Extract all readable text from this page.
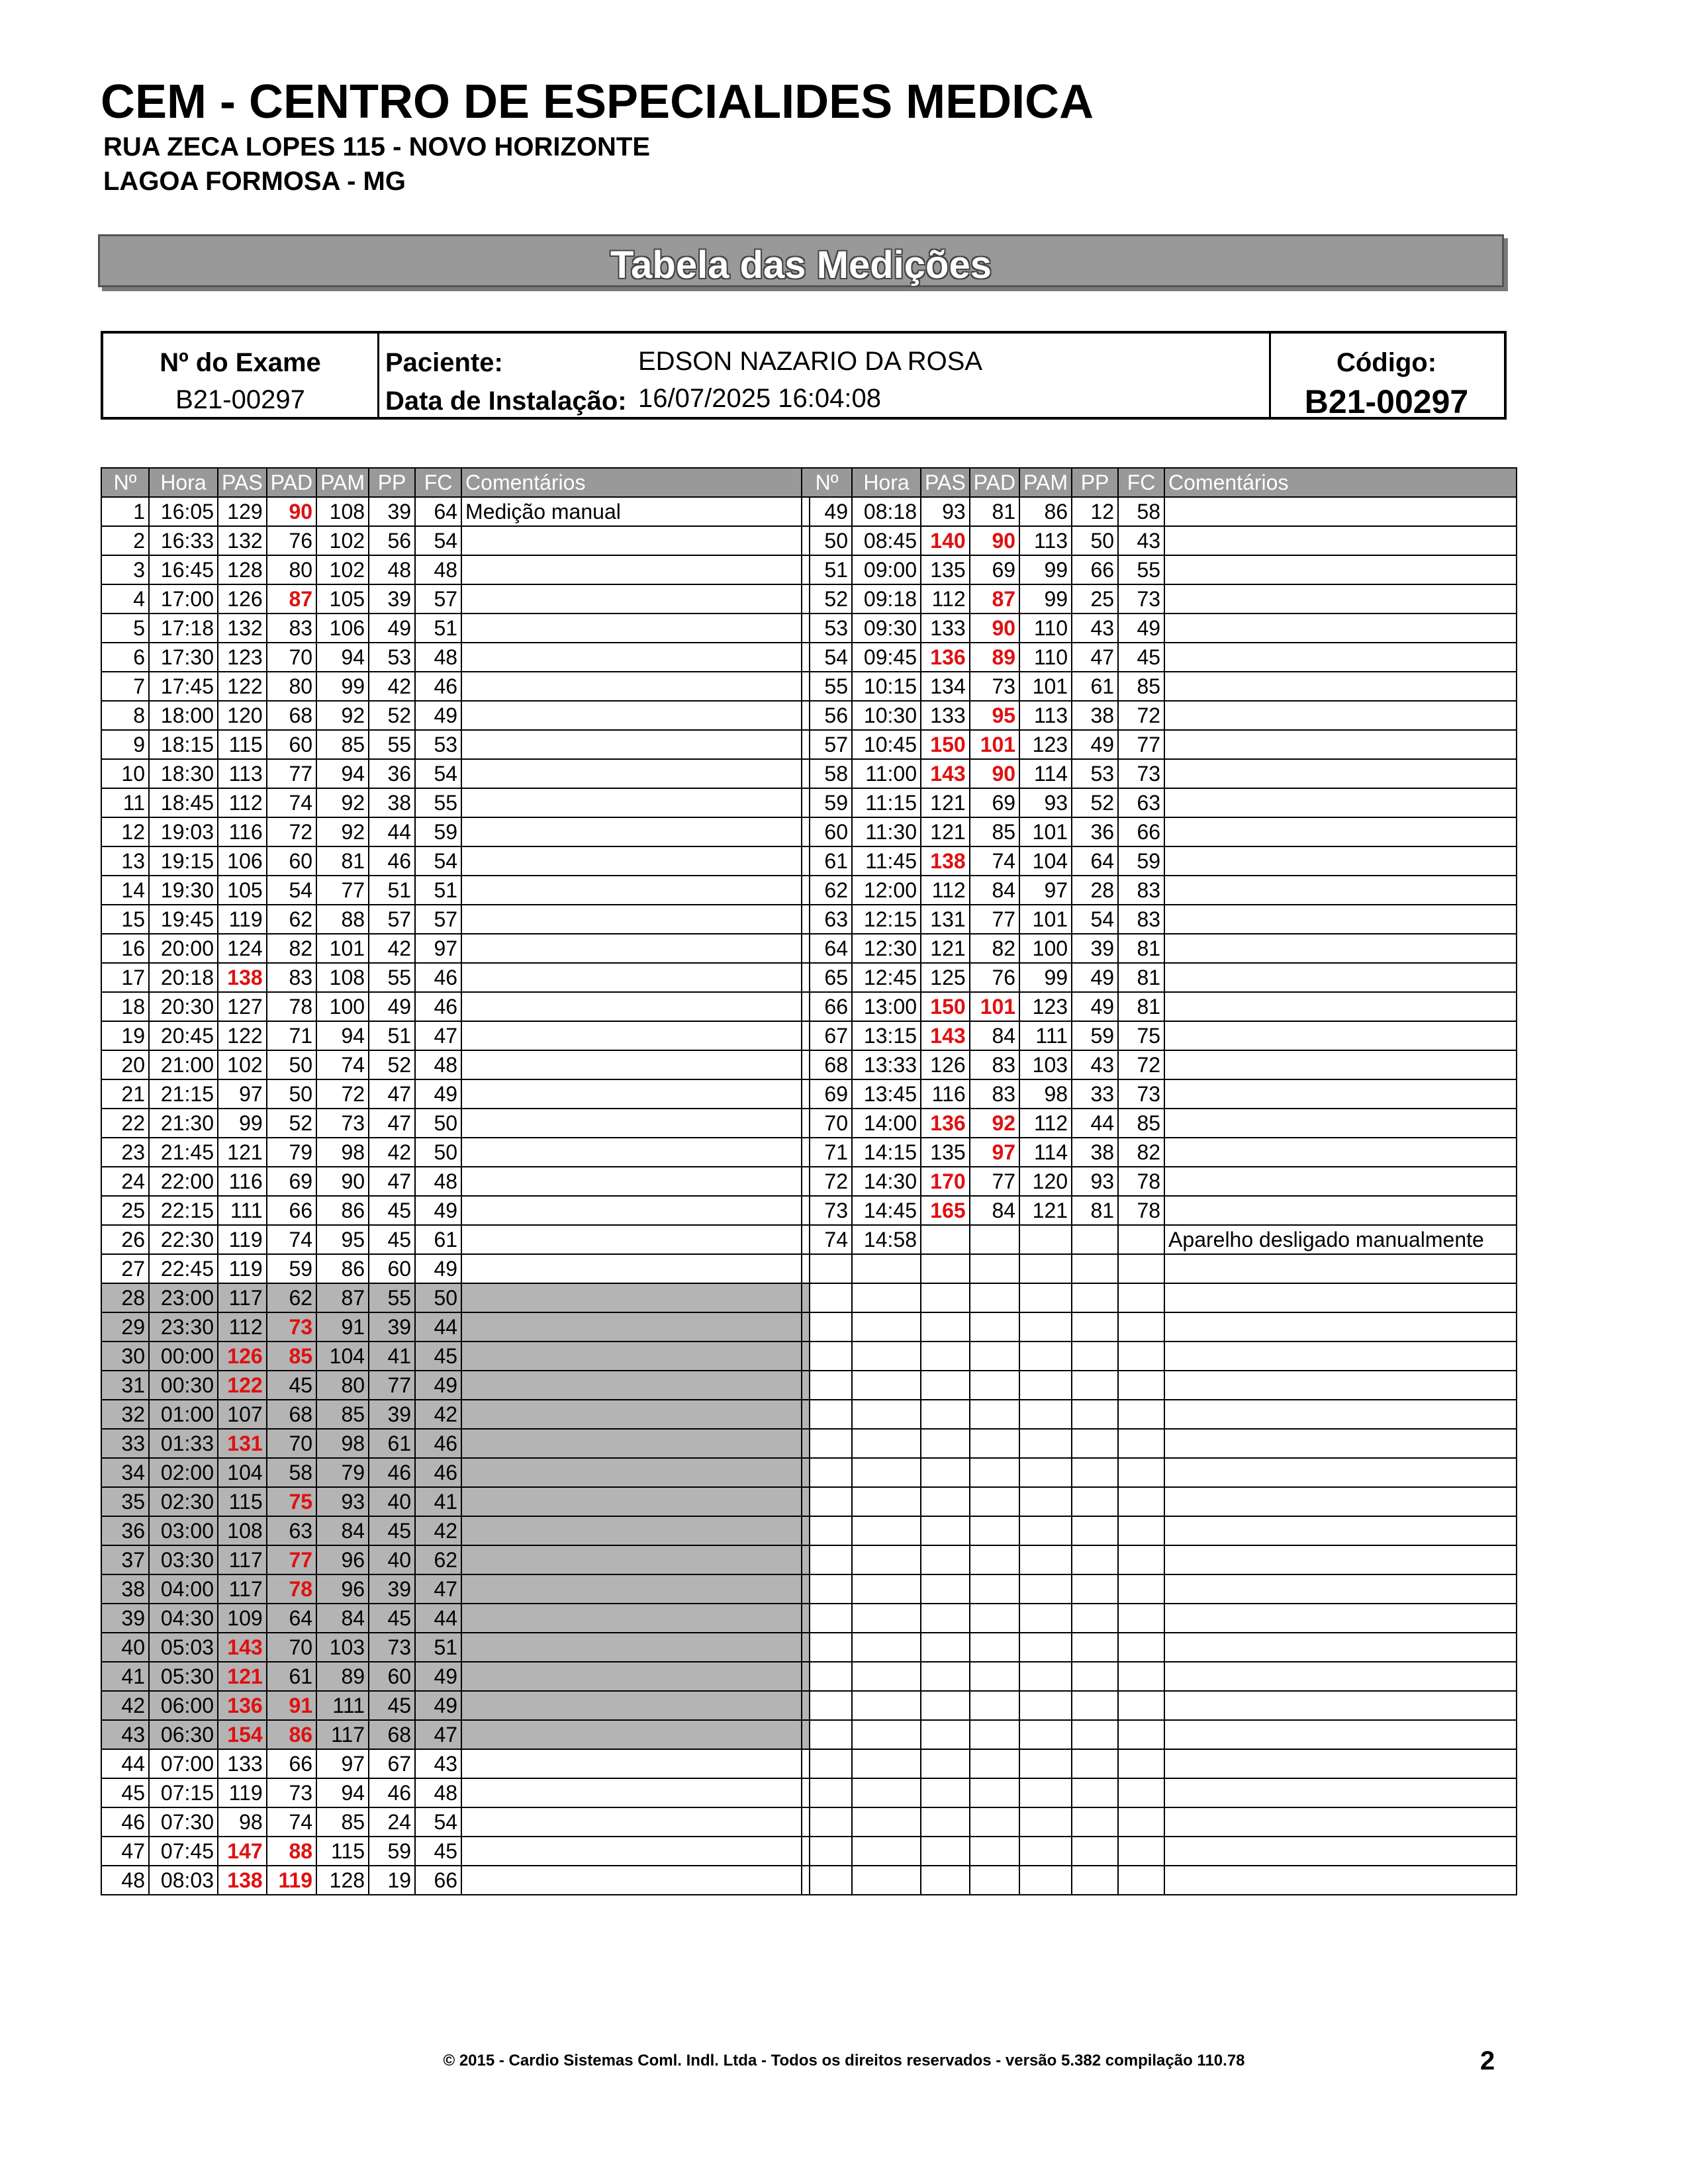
CEM - CENTRO DE ESPECIALIDES MEDICA
RUA ZECA LOPES 115 - NOVO HORIZONTE
LAGOA FORMOSA - MG
Tabela das Medições
Nº do Exame
B21-00297
Paciente:	EDSON NAZARIO DA ROSA
Data de Instalação: 16/07/2025 16:04:08
Código:
B21-00297
Nº	Hora	PAS	PAD	PAM	PP	FC	Comentários
1	16:05	129	90	108	39	64	Medição manual
2	16:33	132	76	102	56	54	
3	16:45	128	80	102	48	48	
4	17:00	126	87	105	39	57	
5	17:18	132	83	106	49	51	
6	17:30	123	70	94	53	48	
7	17:45	122	80	99	42	46	
8	18:00	120	68	92	52	49	
9	18:15	115	60	85	55	53	
10	18:30	113	77	94	36	54	
11	18:45	112	74	92	38	55	
12	19:03	116	72	92	44	59	
13	19:15	106	60	81	46	54	
14	19:30	105	54	77	51	51	
15	19:45	119	62	88	57	57	
16	20:00	124	82	101	42	97	
17	20:18	138	83	108	55	46	
18	20:30	127	78	100	49	46	
19	20:45	122	71	94	51	47	
20	21:00	102	50	74	52	48	
21	21:15	97	50	72	47	49	
22	21:30	99	52	73	47	50	
23	21:45	121	79	98	42	50	
24	22:00	116	69	90	47	48	
25	22:15	111	66	86	45	49	
26	22:30	119	74	95	45	61	
27	22:45	119	59	86	60	49	
28	23:00	117	62	87	55	50	
29	23:30	112	73	91	39	44	
30	00:00	126	85	104	41	45	
31	00:30	122	45	80	77	49	
32	01:00	107	68	85	39	42	
33	01:33	131	70	98	61	46	
34	02:00	104	58	79	46	46	
35	02:30	115	75	93	40	41	
36	03:00	108	63	84	45	42	
37	03:30	117	77	96	40	62	
38	04:00	117	78	96	39	47	
39	04:30	109	64	84	45	44	
40	05:03	143	70	103	73	51	
41	05:30	121	61	89	60	49	
42	06:00	136	91	111	45	49	
43	06:30	154	86	117	68	47	
44	07:00	133	66	97	67	43	
45	07:15	119	73	94	46	48	
46	07:30	98	74	85	24	54	
47	07:45	147	88	115	59	45	
48	08:03	138	119	128	19	66	
Nº	Hora	PAS	PAD	PAM	PP	FC	Comentários
49	08:18	93	81	86	12	58	
50	08:45	140	90	113	50	43	
51	09:00	135	69	99	66	55	
52	09:18	112	87	99	25	73	
53	09:30	133	90	110	43	49	
54	09:45	136	89	110	47	45	
55	10:15	134	73	101	61	85	
56	10:30	133	95	113	38	72	
57	10:45	150	101	123	49	77	
58	11:00	143	90	114	53	73	
59	11:15	121	69	93	52	63	
60	11:30	121	85	101	36	66	
61	11:45	138	74	104	64	59	
62	12:00	112	84	97	28	83	
63	12:15	131	77	101	54	83	
64	12:30	121	82	100	39	81	
65	12:45	125	76	99	49	81	
66	13:00	150	101	123	49	81	
67	13:15	143	84	111	59	75	
68	13:33	126	83	103	43	72	
69	13:45	116	83	98	33	73	
70	14:00	136	92	112	44	85	
71	14:15	135	97	114	38	82	
72	14:30	170	77	120	93	78	
73	14:45	165	84	121	81	78	
74	14:58						Aparelho desligado manualmente

© 2015 - Cardio Sistemas Coml. Indl. Ltda - Todos os direitos reservados - versão 5.382 compilação 110.78	2
